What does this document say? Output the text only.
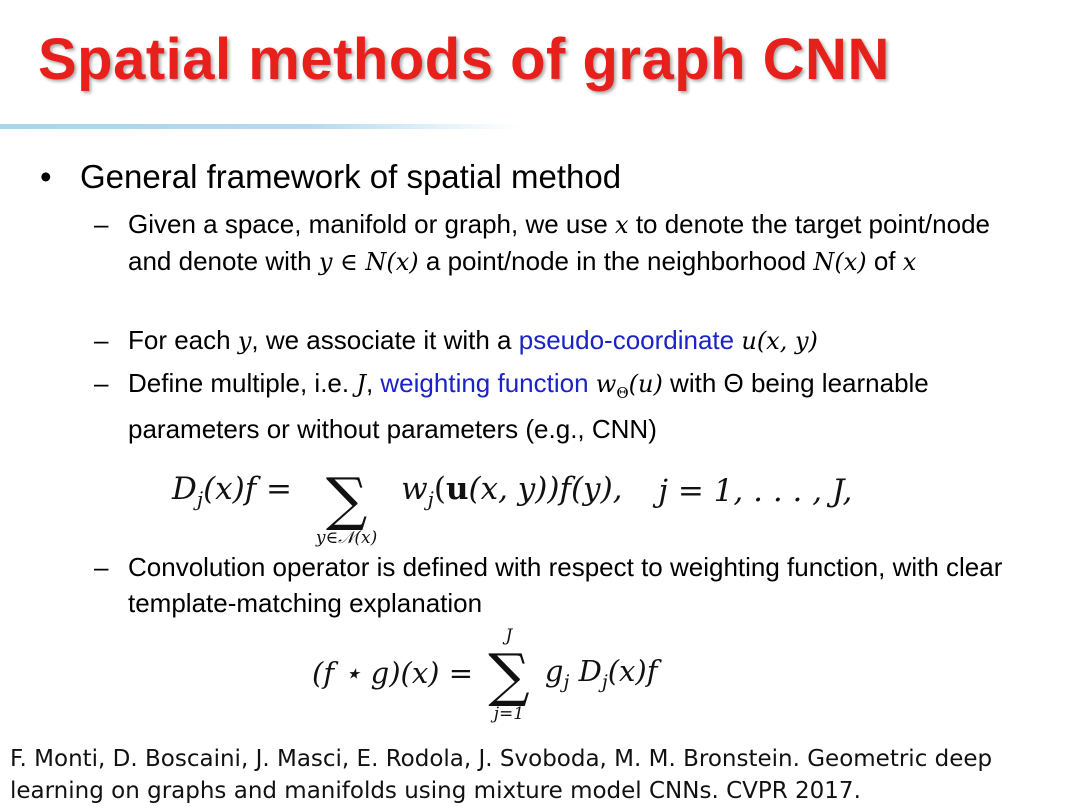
Spatial methods of graph CNN
• General framework of spatial method
– Given a space, manifold or graph, we use x to denote the target point/node and denote with y ∈ N(x) a point/node in the neighborhood N(x) of x
– For each y, we associate it with a pseudo-coordinate u(x, y)
– Define multiple, i.e. J, weighting function $w_\Theta(u)$ with Θ being learnable parameters or without parameters (e.g., CNN)
$D_j(x)f$ = ∑
y∈𝒩(x)
$w_j(u(x$, y))f(y), j = 1, . . . , J,
– Convolution operator is defined with respect to weighting function, with clear template-matching explanation
(f ⋆ g)(x) =
J
∑
j=1
$g_j$ $D_j(x)f$
F. Monti, D. Boscaini, J. Masci, E. Rodola, J. Svoboda, M. M. Bronstein. Geometric deep learning on graphs and manifolds using mixture model CNNs. CVPR 2017.
